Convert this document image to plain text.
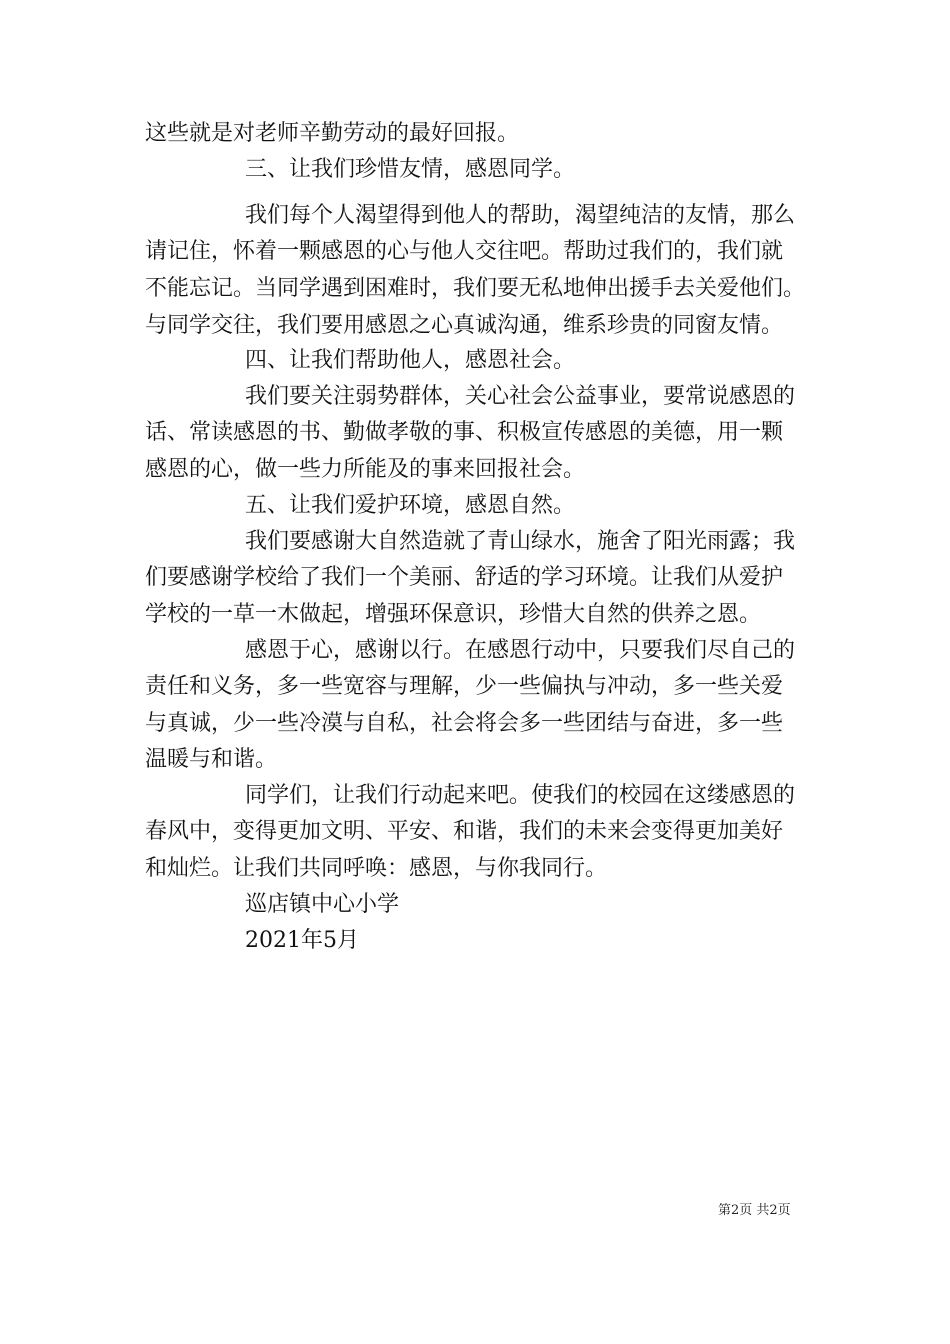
这些就是对老师辛勤劳动的最好回报。
三、让我们珍惜友情，感恩同学。
我们每个人渴望得到他人的帮助，渴望纯洁的友情，那么
请记住，怀着一颗感恩的心与他人交往吧。帮助过我们的，我们就
不能忘记。当同学遇到困难时，我们要无私地伸出援手去关爱他们。
与同学交往，我们要用感恩之心真诚沟通，维系珍贵的同窗友情。
四、让我们帮助他人，感恩社会。
我们要关注弱势群体，关心社会公益事业，要常说感恩的
话、常读感恩的书、勤做孝敬的事、积极宣传感恩的美德，用一颗
感恩的心，做一些力所能及的事来回报社会。
五、让我们爱护环境，感恩自然。
我们要感谢大自然造就了青山绿水，施舍了阳光雨露；我
们要感谢学校给了我们一个美丽、舒适的学习环境。让我们从爱护
学校的一草一木做起，增强环保意识，珍惜大自然的供养之恩。
感恩于心，感谢以行。在感恩行动中，只要我们尽自己的
责任和义务，多一些宽容与理解，少一些偏执与冲动，多一些关爱
与真诚，少一些冷漠与自私，社会将会多一些团结与奋进，多一些
温暖与和谐。
同学们，让我们行动起来吧。使我们的校园在这缕感恩的
春风中，变得更加文明、平安、和谐，我们的未来会变得更加美好
和灿烂。让我们共同呼唤：感恩，与你我同行。
巡店镇中心小学
2021年5月
第2页 共2页
